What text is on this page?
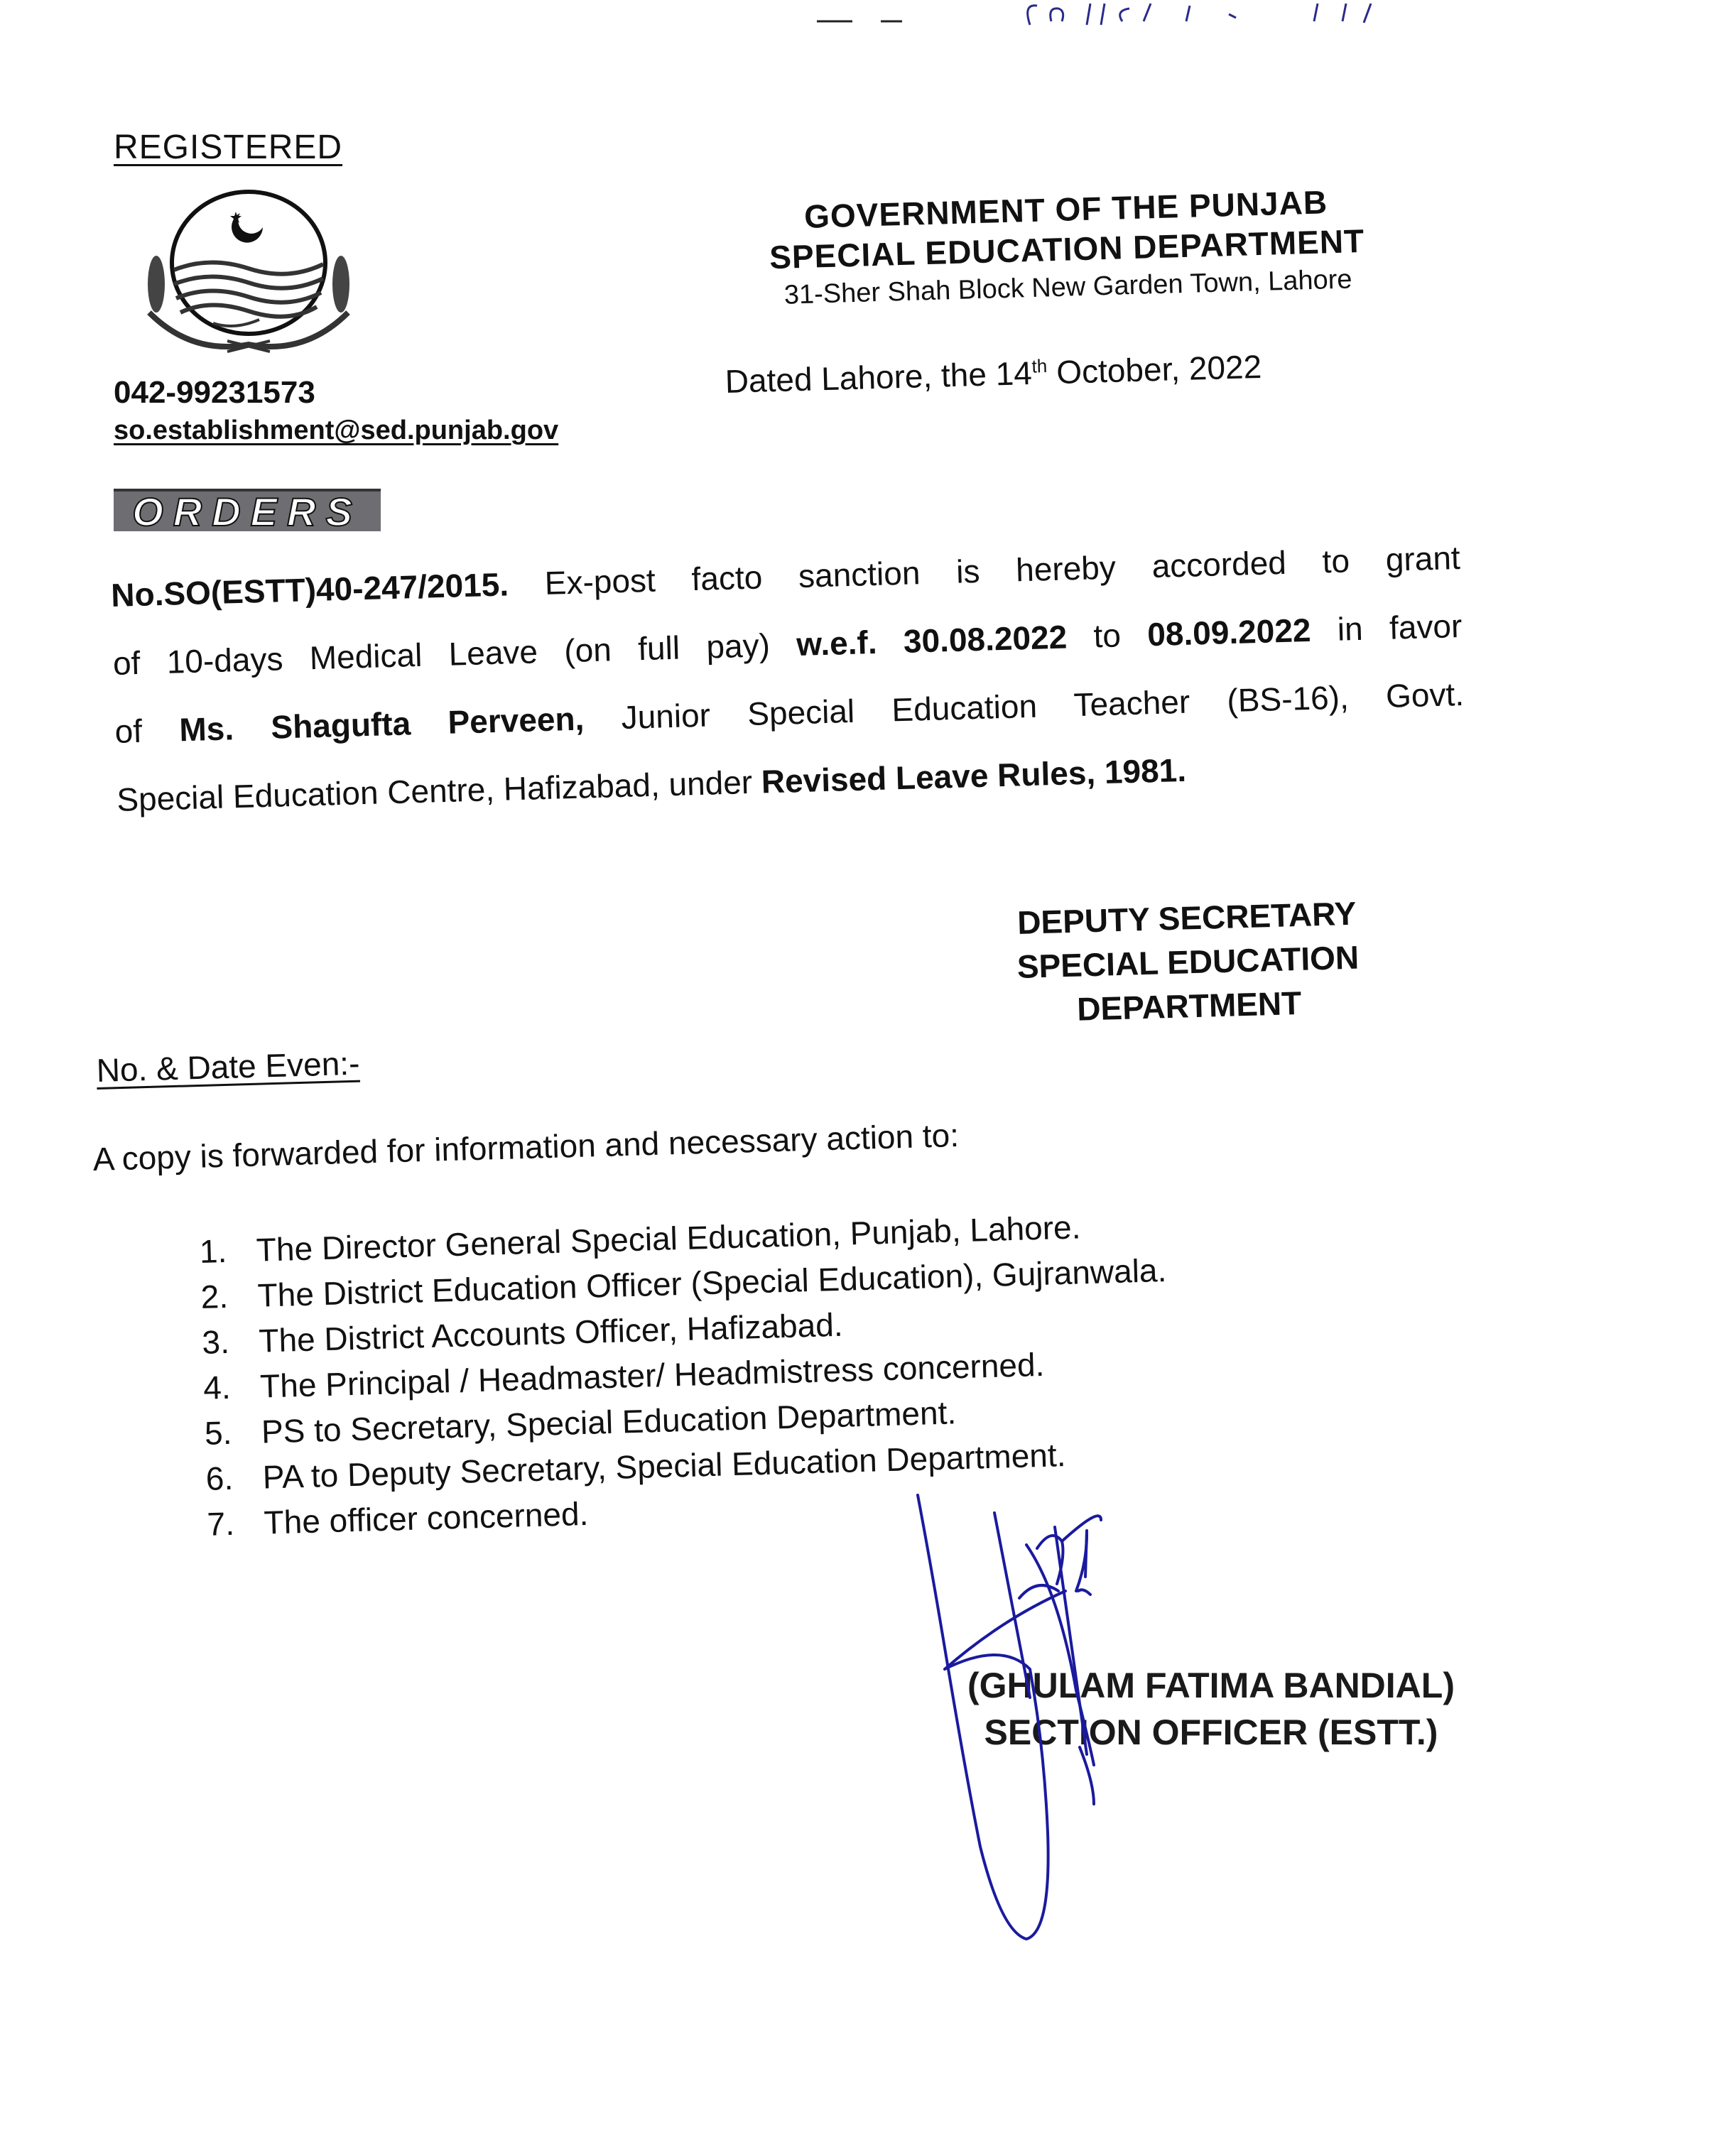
REGISTERED
042-99231573
so.establishment@sed.punjab.gov
GOVERNMENT OF THE PUNJAB
SPECIAL EDUCATION DEPARTMENT
31-Sher Shah Block New Garden Town, Lahore
Dated Lahore, the 14th October, 2022
ORDERS
No.SO(ESTT)40-247/2015. Ex-post facto sanction is hereby accorded to grant
of 10-days Medical Leave (on full pay) w.e.f. 30.08.2022 to 08.09.2022 in favor
of Ms. Shagufta Perveen, Junior Special Education Teacher (BS-16), Govt.
Special Education Centre, Hafizabad, under Revised Leave Rules, 1981.
DEPUTY SECRETARY
SPECIAL EDUCATION
DEPARTMENT
No. & Date Even:-
A copy is forwarded for information and necessary action to:
1. The Director General Special Education, Punjab, Lahore.
2. The District Education Officer (Special Education), Gujranwala.
3. The District Accounts Officer, Hafizabad.
4. The Principal / Headmaster/ Headmistress concerned.
5. PS to Secretary, Special Education Department.
6. PA to Deputy Secretary, Special Education Department.
7. The officer concerned.
(GHULAM FATIMA BANDIAL)
SECTION OFFICER (ESTT.)
